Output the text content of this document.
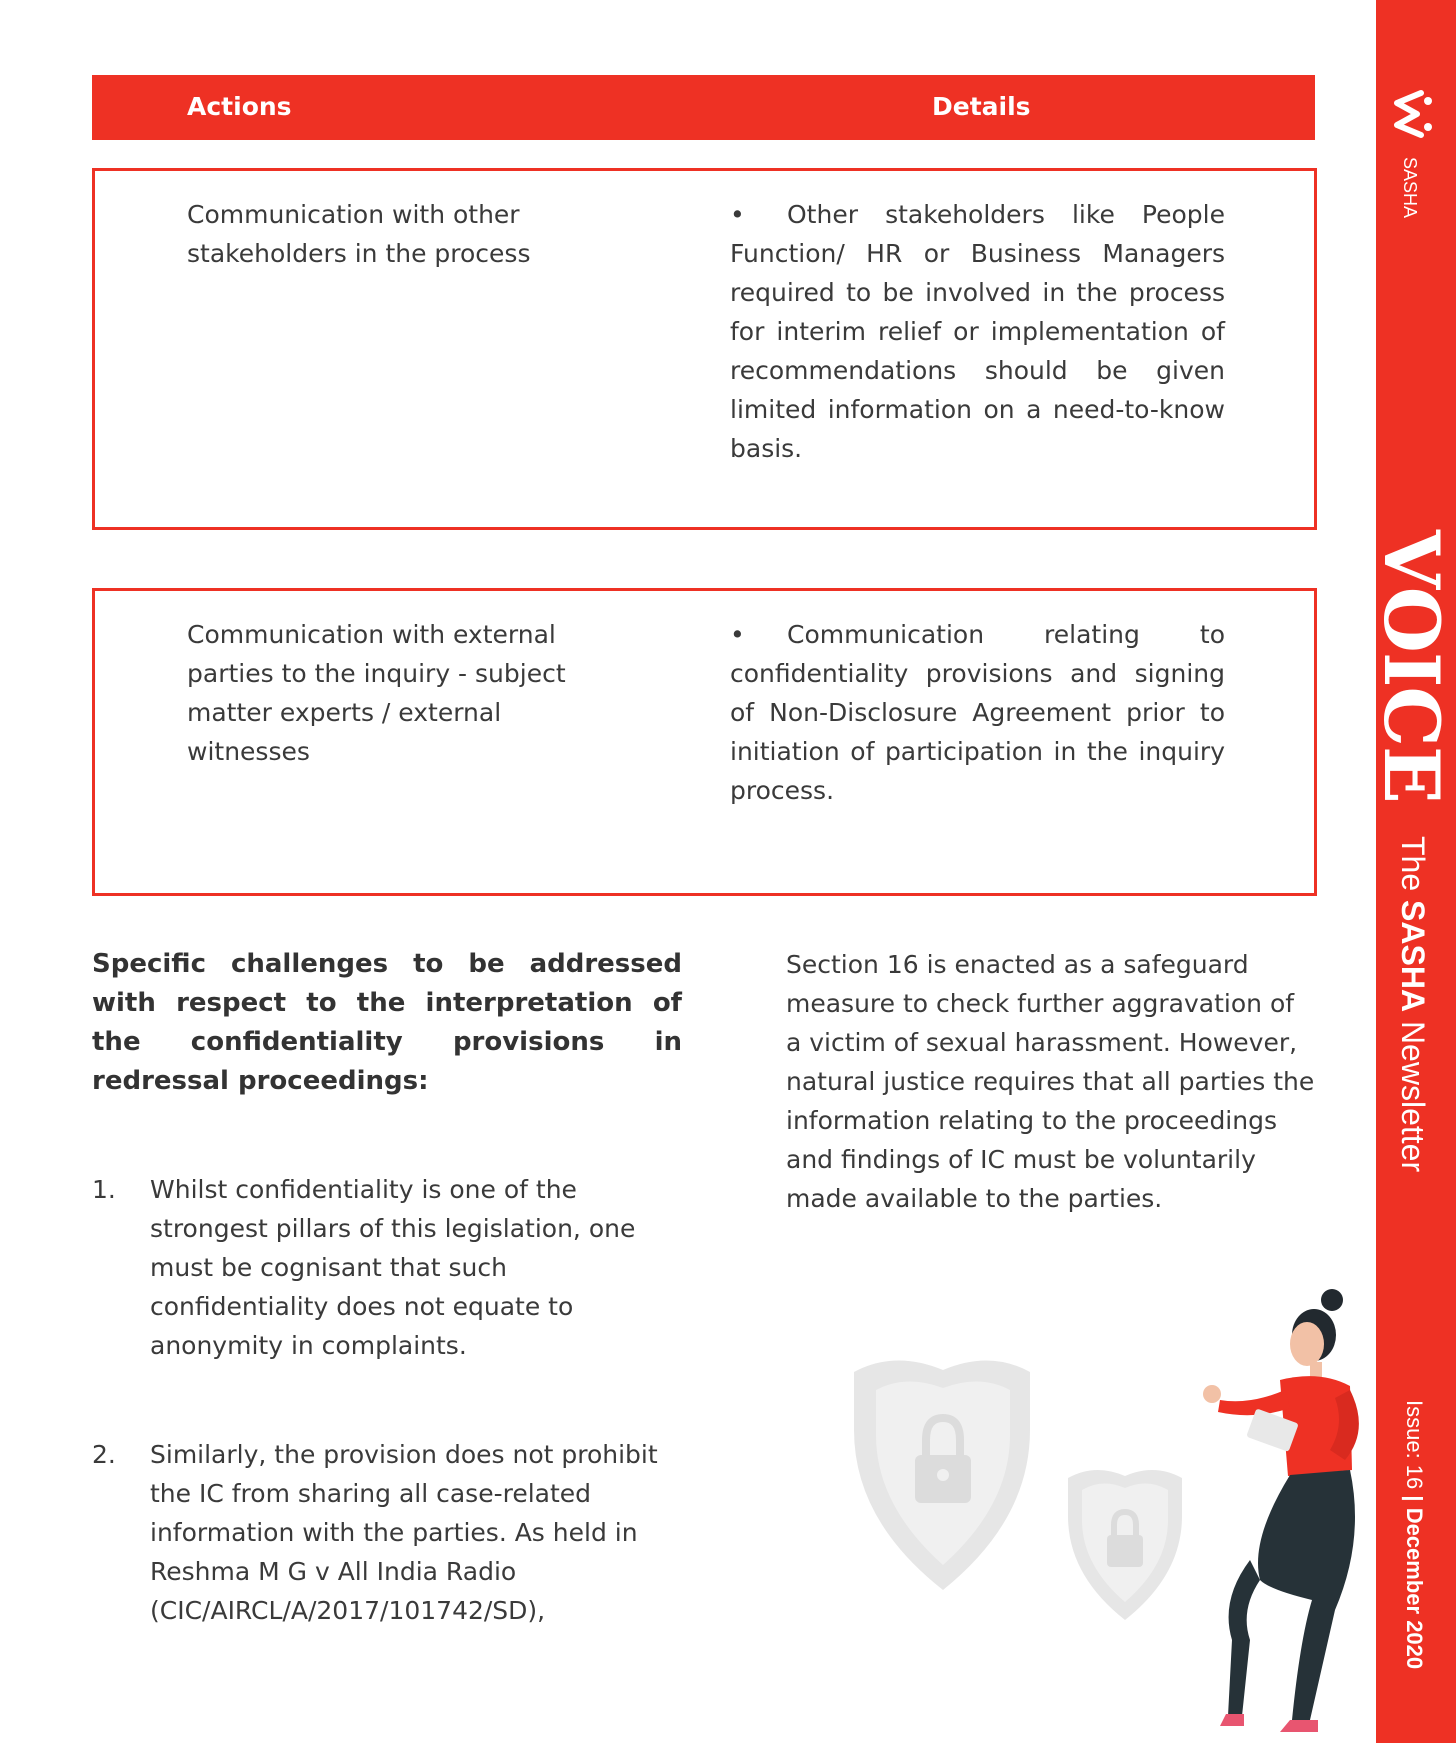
Actions	Details
Communication with other stakeholders in the process
• Other stakeholders like People Function/ HR or Business Managers required to be involved in the process for interim relief or implementation of recommendations should be given limited information on a need-to-know basis.
Communication with external parties to the inquiry - subject matter experts / external witnesses
• Communication relating to confidentiality provisions and signing of Non-Disclosure Agreement prior to initiation of participation in the inquiry process.
Specific challenges to be addressed with respect to the interpretation of the confidentiality provisions in redressal proceedings:
1. Whilst confidentiality is one of the strongest pillars of this legislation, one must be cognisant that such confidentiality does not equate to anonymity in complaints.
2. Similarly, the provision does not prohibit the IC from sharing all case-related information with the parties. As held in Reshma M G v All India Radio (CIC/AIRCL/A/2017/101742/SD),
Section 16 is enacted as a safeguard measure to check further aggravation of a victim of sexual harassment. However, natural justice requires that all parties the information relating to the proceedings and findings of IC must be voluntarily made available to the parties.
SASHA
VOICE
The SASHA Newsletter
Issue: 16 | December 2020
